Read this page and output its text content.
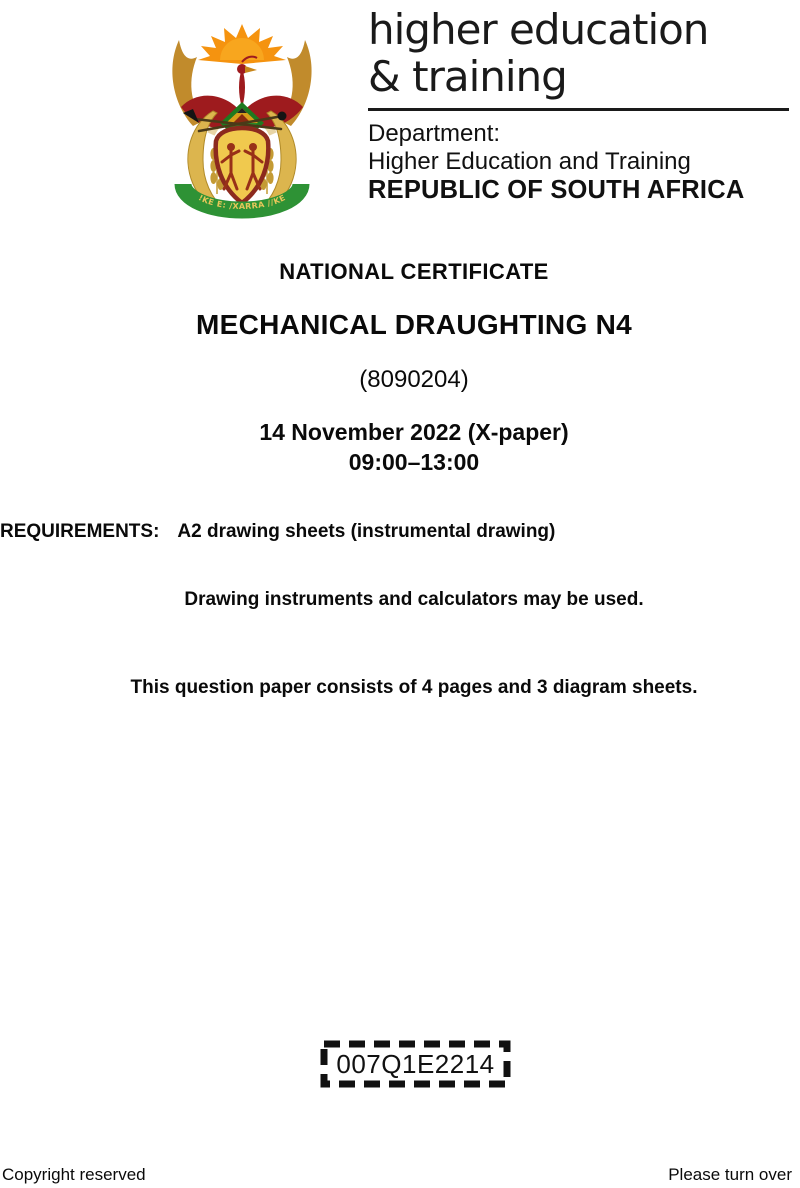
!KE E: /XARRA //KE
higher education
& training
Department:
Higher Education and Training
REPUBLIC OF SOUTH AFRICA
NATIONAL CERTIFICATE
MECHANICAL DRAUGHTING N4
(8090204)
14 November 2022 (X-paper)
09:00–13:00
REQUIREMENTS: A2 drawing sheets (instrumental drawing)
Drawing instruments and calculators may be used.
This question paper consists of 4 pages and 3 diagram sheets.
007Q1E2214
Copyright reserved	Please turn over
